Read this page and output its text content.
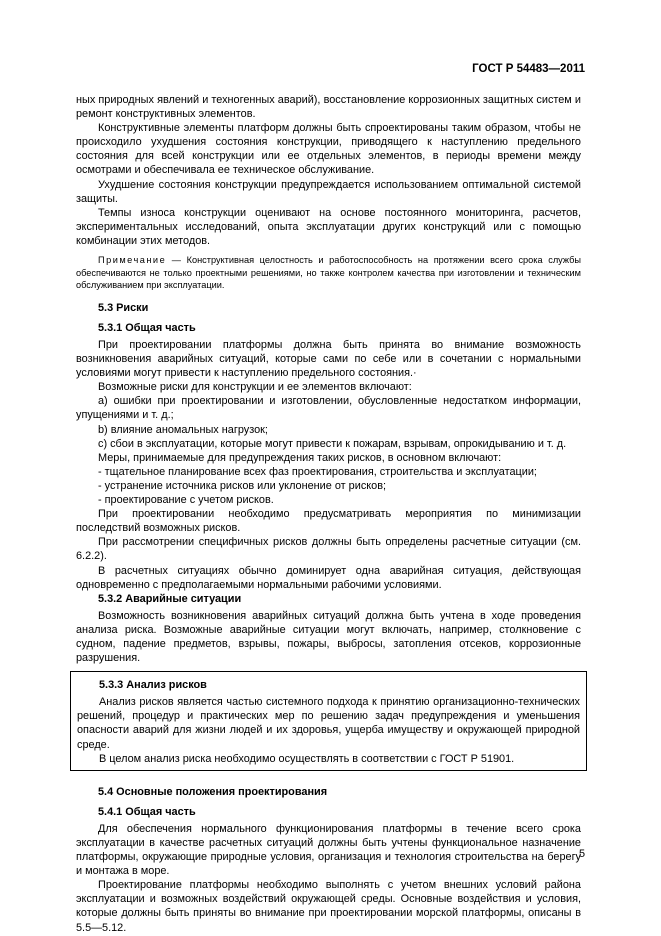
ГОСТ Р 54483—2011

ных природных явлений и техногенных аварий), восстановление коррозионных защитных систем и ремонт конструктивных элементов.

Конструктивные элементы платформ должны быть спроектированы таким образом, чтобы не происходило ухудшения состояния конструкции, приводящего к наступлению предельного состояния для всей конструкции или ее отдельных элементов, в периоды времени между осмотрами и обеспечивала ее техническое обслуживание.

Ухудшение состояния конструкции предупреждается использованием оптимальной системой защиты.

Темпы износа конструкции оценивают на основе постоянного мониторинга, расчетов, экспериментальных исследований, опыта эксплуатации других конструкций или с помощью комбинации этих методов.

Примечание — Конструктивная целостность и работоспособность на протяжении всего срока службы обеспечиваются не только проектными решениями, но также контролем качества при изготовлении и техническим обслуживанием при эксплуатации.

5.3 Риски
5.3.1 Общая часть

При проектировании платформы должна быть принята во внимание возможность возникновения аварийных ситуаций, которые сами по себе или в сочетании с нормальными условиями могут привести к наступлению предельного состояния.·

Возможные риски для конструкции и ее элементов включают:

а) ошибки при проектировании и изготовлении, обусловленные недостатком информации, упущениями и т. д.;

b) влияние аномальных нагрузок;

с) сбои в эксплуатации, которые могут привести к пожарам, взрывам, опрокидыванию и т. д.

Меры, принимаемые для предупреждения таких рисков, в основном включают:

- тщательное планирование всех фаз проектирования, строительства и эксплуатации;

- устранение источника рисков или уклонение от рисков;

- проектирование с учетом рисков.

При проектировании необходимо предусматривать мероприятия по минимизации последствий возможных рисков.

При рассмотрении специфичных рисков должны быть определены расчетные ситуации (см. 6.2.2).

В расчетных ситуациях обычно доминирует одна аварийная ситуация, действующая одновременно с предполагаемыми нормальными рабочими условиями.

5.3.2 Аварийные ситуации

Возможность возникновения аварийных ситуаций должна быть учтена в ходе проведения анализа риска. Возможные аварийные ситуации могут включать, например, столкновение с судном, падение предметов, взрывы, пожары, выбросы, затопления отсеков, коррозионные разрушения.

5.3.3 Анализ рисков

Анализ рисков является частью системного подхода к принятию организационно-технических решений, процедур и практических мер по решению задач предупреждения и уменьшения опасности аварий для жизни людей и их здоровья, ущерба имуществу и окружающей природной среде.

В целом анализ риска необходимо осуществлять в соответствии с ГОСТ Р 51901.

5.4 Основные положения проектирования
5.4.1 Общая часть

Для обеспечения нормального функционирования платформы в течение всего срока эксплуатации в качестве расчетных ситуаций должны быть учтены функциональное назначение платформы, окружающие природные условия, организация и технология строительства на берегу и монтажа в море.

Проектирование платформы необходимо выполнять с учетом внешних условий района эксплуатации и возможных воздействий окружающей среды. Основные воздействия и условия, которые должны быть приняты во внимание при проектировании морской платформы, описаны в 5.5—5.12.

5
